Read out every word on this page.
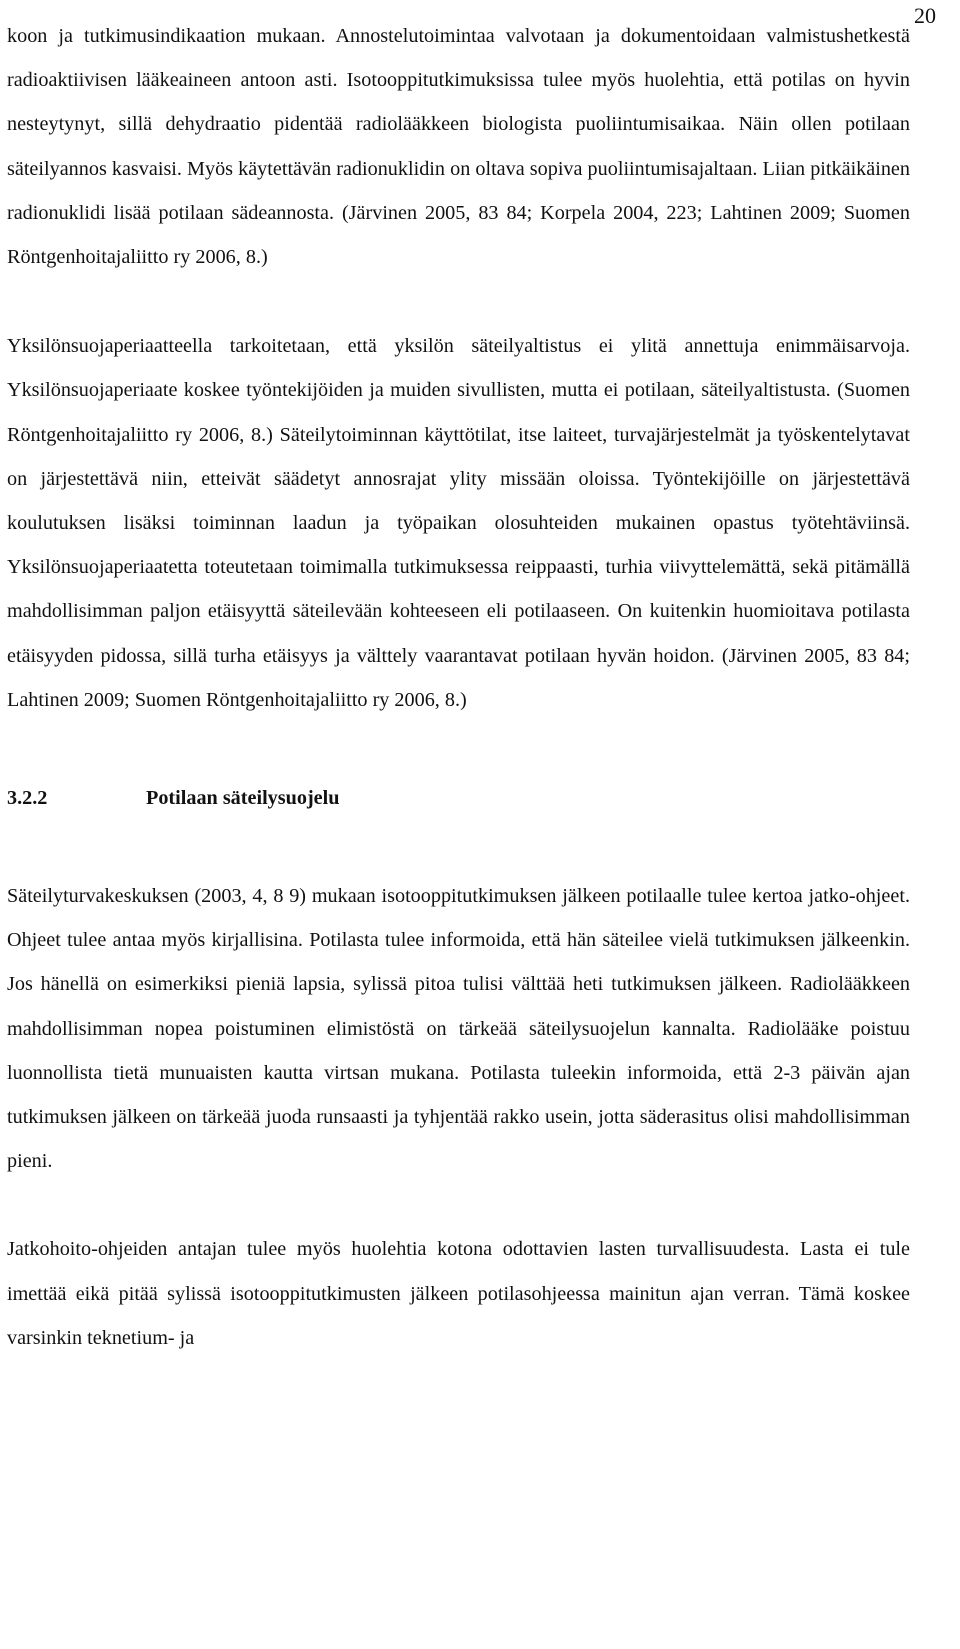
20

koon ja tutkimusindikaation mukaan. Annostelutoimintaa valvotaan ja dokumentoidaan valmistushetkestä radioaktiivisen lääkeaineen antoon asti. Isotooppitutkimuksissa tulee myös huolehtia, että potilas on hyvin nesteytynyt, sillä dehydraatio pidentää radiolääkkeen biologista puoliintumisaikaa. Näin ollen potilaan säteilyannos kasvaisi. Myös käytettävän radionuklidin on oltava sopiva puoliintumisajaltaan. Liian pitkäikäinen radionuklidi lisää potilaan sädeannosta. (Järvinen 2005, 83 84; Korpela 2004, 223; Lahtinen 2009; Suomen Röntgenhoitajaliitto ry 2006, 8.)

Yksilönsuojaperiaatteella tarkoitetaan, että yksilön säteilyaltistus ei ylitä annettuja enimmäisarvoja. Yksilönsuojaperiaate koskee työntekijöiden ja muiden sivullisten, mutta ei potilaan, säteilyaltistusta. (Suomen Röntgenhoitajaliitto ry 2006, 8.) Säteilytoiminnan käyttötilat, itse laiteet, turvajärjestelmät ja työskentelytavat on järjestettävä niin, etteivät säädetyt annosrajat ylity missään oloissa. Työntekijöille on järjestettävä koulutuksen lisäksi toiminnan laadun ja työpaikan olosuhteiden mukainen opastus työtehtäviinsä. Yksilönsuojaperiaatetta toteutetaan toimimalla tutkimuksessa reippaasti, turhia viivyttelemättä, sekä pitämällä mahdollisimman paljon etäisyyttä säteilevään kohteeseen eli potilaaseen. On kuitenkin huomioitava potilasta etäisyyden pidossa, sillä turha etäisyys ja välttely vaarantavat potilaan hyvän hoidon. (Järvinen 2005, 83 84; Lahtinen 2009; Suomen Röntgenhoitajaliitto ry 2006, 8.)

3.2.2	Potilaan säteilysuojelu

Säteilyturvakeskuksen (2003, 4, 8 9) mukaan isotooppitutkimuksen jälkeen potilaalle tulee kertoa jatko-ohjeet. Ohjeet tulee antaa myös kirjallisina. Potilasta tulee informoida, että hän säteilee vielä tutkimuksen jälkeenkin. Jos hänellä on esimerkiksi pieniä lapsia, sylissä pitoa tulisi välttää heti tutkimuksen jälkeen. Radiolääkkeen mahdollisimman nopea poistuminen elimistöstä on tärkeää säteilysuojelun kannalta. Radiolääke poistuu luonnollista tietä munuaisten kautta virtsan mukana. Potilasta tuleekin informoida, että 2-3 päivän ajan tutkimuksen jälkeen on tärkeää juoda runsaasti ja tyhjentää rakko usein, jotta säderasitus olisi mahdollisimman pieni.

Jatkohoito-ohjeiden antajan tulee myös huolehtia kotona odottavien lasten turvallisuudesta. Lasta ei tule imettää eikä pitää sylissä isotooppitutkimusten jälkeen potilasohjeessa mainitun ajan verran. Tämä koskee varsinkin teknetium- ja
